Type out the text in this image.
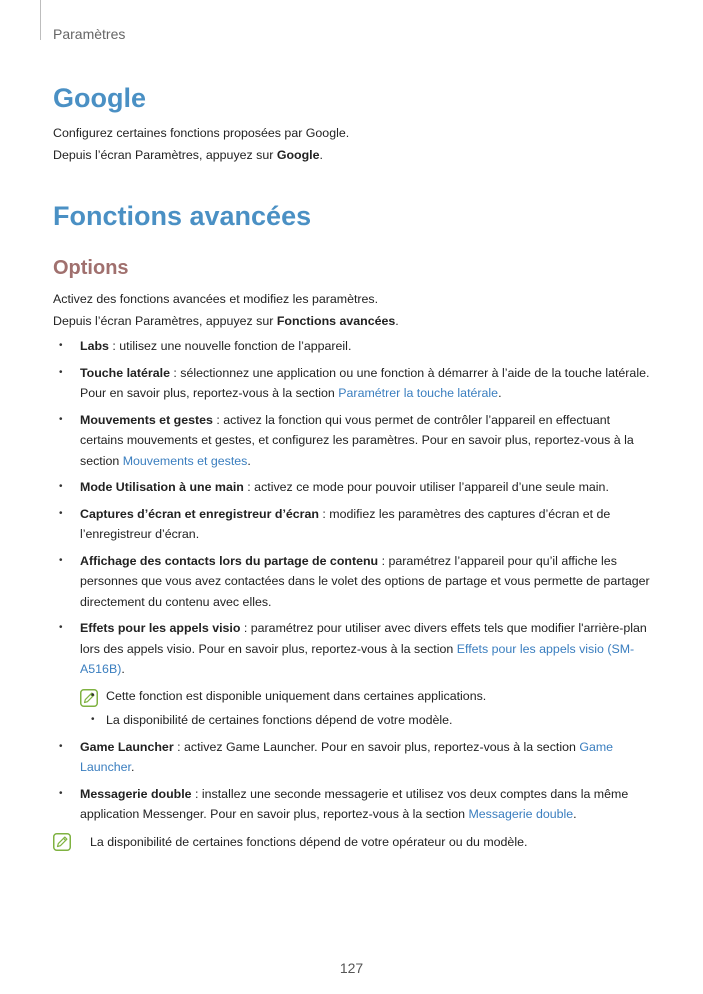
Paramètres
Google

Configurez certaines fonctions proposées par Google.

Depuis l’écran Paramètres, appuyez sur Google.

Fonctions avancées
Options

Activez des fonctions avancées et modifiez les paramètres.

Depuis l’écran Paramètres, appuyez sur Fonctions avancées.

• Labs : utilisez une nouvelle fonction de l’appareil.
• Touche latérale : sélectionnez une application ou une fonction à démarrer à l’aide de la touche latérale. Pour en savoir plus, reportez-vous à la section Paramétrer la touche latérale.
• Mouvements et gestes : activez la fonction qui vous permet de contrôler l’appareil en effectuant certains mouvements et gestes, et configurez les paramètres. Pour en savoir plus, reportez-vous à la section Mouvements et gestes.
• Mode Utilisation à une main : activez ce mode pour pouvoir utiliser l’appareil d’une seule main.
• Captures d’écran et enregistreur d’écran : modifiez les paramètres des captures d’écran et de l’enregistreur d’écran.
• Affichage des contacts lors du partage de contenu : paramétrez l’appareil pour qu’il affiche les personnes que vous avez contactées dans le volet des options de partage et vous permette de partager directement du contenu avec elles.
• Effets pour les appels visio : paramétrez pour utiliser avec divers effets tels que modifier l'arrière-plan lors des appels visio. Pour en savoir plus, reportez-vous à la section Effets pour les appels visio (SM-A516B).
• Cette fonction est disponible uniquement dans certaines applications.
• La disponibilité de certaines fonctions dépend de votre modèle.
• Game Launcher : activez Game Launcher. Pour en savoir plus, reportez-vous à la section Game Launcher.
• Messagerie double : installez une seconde messagerie et utilisez vos deux comptes dans la même application Messenger. Pour en savoir plus, reportez-vous à la section Messagerie double.
La disponibilité de certaines fonctions dépend de votre opérateur ou du modèle.
127
